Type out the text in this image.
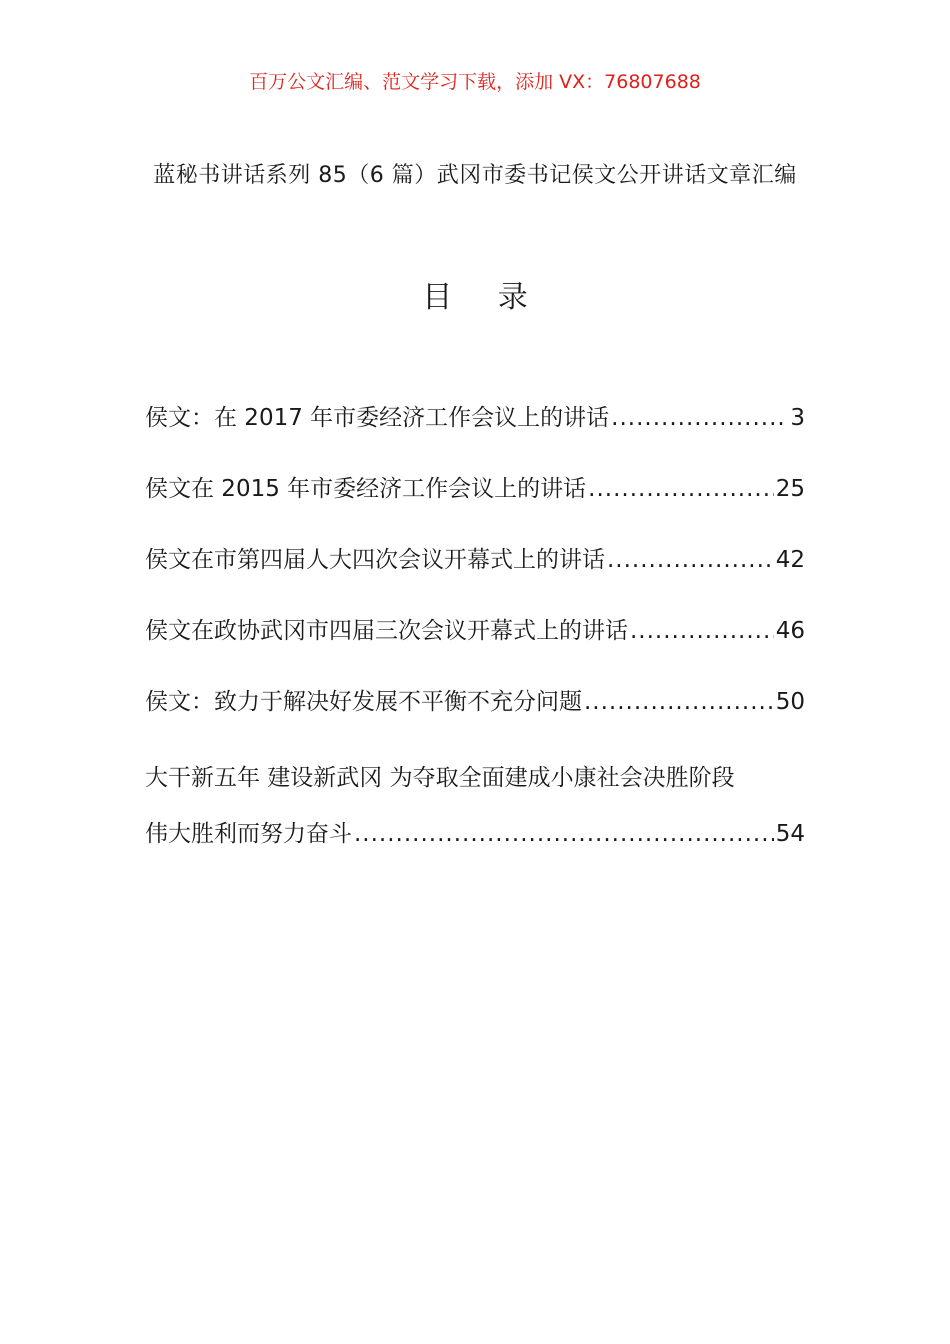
百万公文汇编、范文学习下载，添加 VX：76807688
蓝秘书讲话系列 85（6 篇）武冈市委书记侯文公开讲话文章汇编
目 录
侯文：在 2017 年市委经济工作会议上的讲话 .....	3
侯文在 2015 年市委经济工作会议上的讲话 .....	25
侯文在市第四届人大四次会议开幕式上的讲话 .....	42
侯文在政协武冈市四届三次会议开幕式上的讲话 .....	46
侯文：致力于解决好发展不平衡不充分问题 .....	50
大干新五年 建设新武冈 为夺取全面建成小康社会决胜阶段
伟大胜利而努力奋斗 .....	54
